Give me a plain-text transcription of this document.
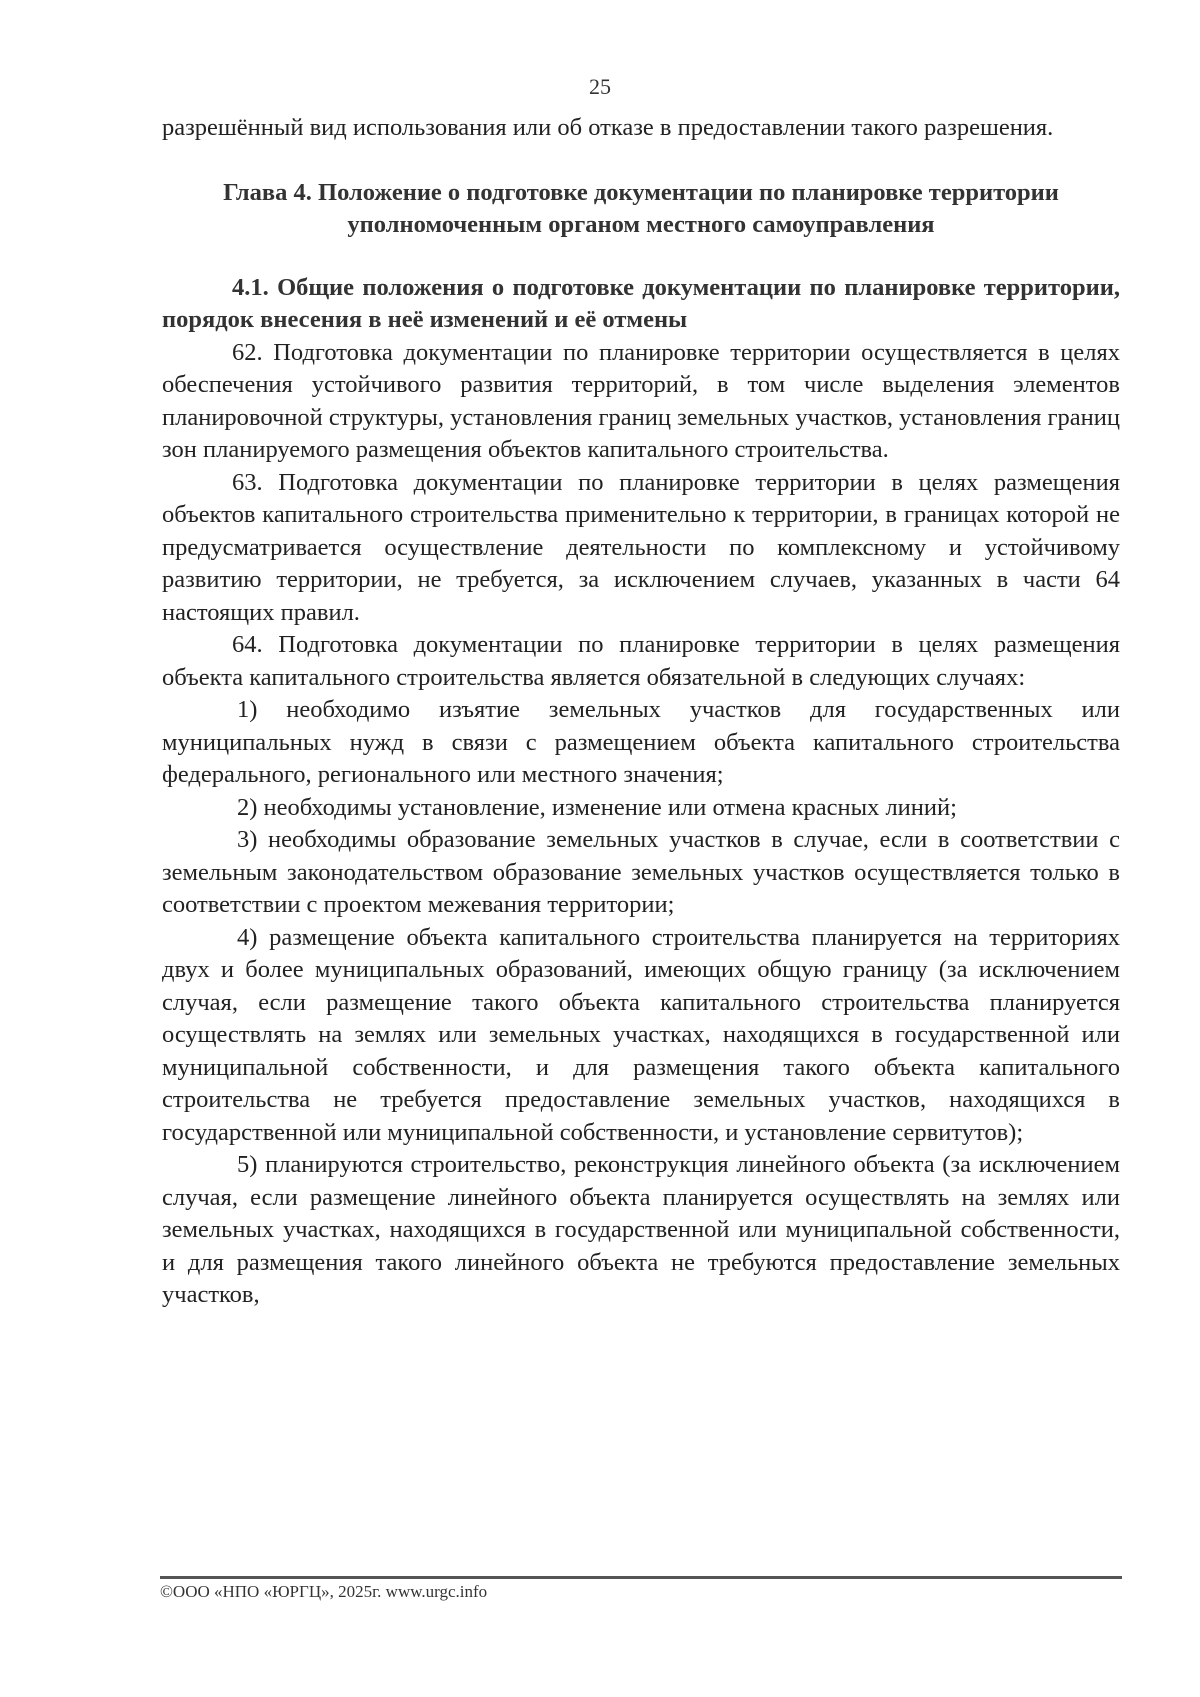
25

разрешённый вид использования или об отказе в предоставлении такого разрешения.

Глава 4. Положение о подготовке документации по планировке территории уполномоченным органом местного самоуправления

4.1. Общие положения о подготовке документации по планировке территории, порядок внесения в неё изменений и её отмены

62. Подготовка документации по планировке территории осуществляется в целях обеспечения устойчивого развития территорий, в том числе выделения элементов планировочной структуры, установления границ земельных участков, установления границ зон планируемого размещения объектов капитального строительства.

63. Подготовка документации по планировке территории в целях размещения объектов капитального строительства применительно к территории, в границах которой не предусматривается осуществление деятельности по комплексному и устойчивому развитию территории, не требуется, за исключением случаев, указанных в части 64 настоящих правил.

64. Подготовка документации по планировке территории в целях размещения объекта капитального строительства является обязательной в следующих случаях:

1) необходимо изъятие земельных участков для государственных или муниципальных нужд в связи с размещением объекта капитального строительства федерального, регионального или местного значения;

2) необходимы установление, изменение или отмена красных линий;

3) необходимы образование земельных участков в случае, если в соответствии с земельным законодательством образование земельных участков осуществляется только в соответствии с проектом межевания территории;

4) размещение объекта капитального строительства планируется на территориях двух и более муниципальных образований, имеющих общую границу (за исключением случая, если размещение такого объекта капитального строительства планируется осуществлять на землях или земельных участках, находящихся в государственной или муниципальной собственности, и для размещения такого объекта капитального строительства не требуется предоставление земельных участков, находящихся в государственной или муниципальной собственности, и установление сервитутов);

5) планируются строительство, реконструкция линейного объекта (за исключением случая, если размещение линейного объекта планируется осуществлять на землях или земельных участках, находящихся в государственной или муниципальной собственности, и для размещения такого линейного объекта не требуются предоставление земельных участков,

©ООО «НПО «ЮРГЦ», 2025г. www.urgc.info
